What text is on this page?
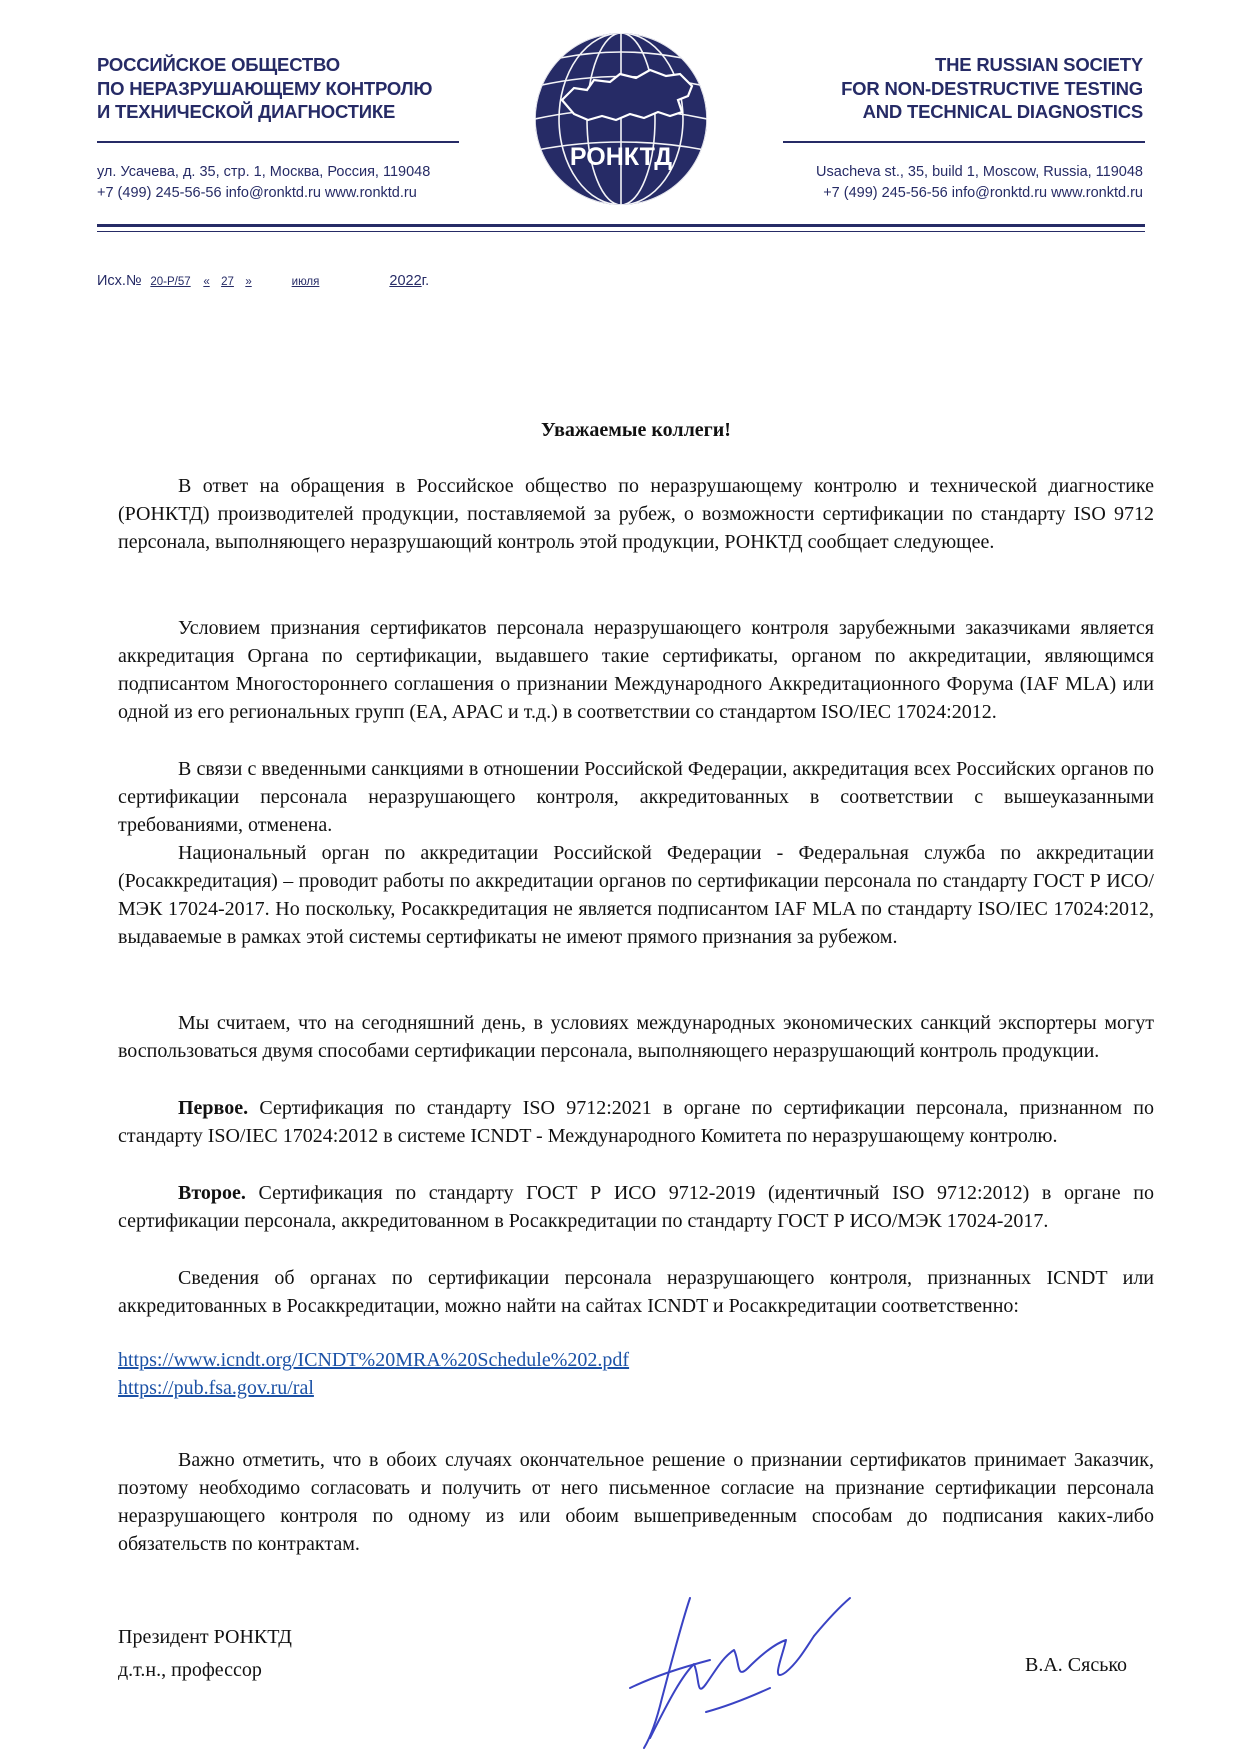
РОССИЙСКОЕ ОБЩЕСТВО
ПО НЕРАЗРУШАЮЩЕМУ КОНТРОЛЮ
И ТЕХНИЧЕСКОЙ ДИАГНОСТИКЕ
THE RUSSIAN SOCIETY
FOR NON-DESTRUCTIVE TESTING
AND TECHNICAL DIAGNOSTICS
ул. Усачева, д. 35, стр. 1, Москва, Россия, 119048
+7 (499) 245-56-56 info@ronktd.ru www.ronktd.ru
Usacheva st., 35, build 1, Moscow, Russia, 119048
+7 (499) 245-56-56 info@ronktd.ru www.ronktd.ru
РОНКТД
Исх.№ 20-Р/57 « 27 »	июля	2022г.
Уважаемые коллеги!
В ответ на обращения в Российское общество по неразрушающему контролю и технической диагностике (РОНКТД) производителей продукции, поставляемой за рубеж, о возможности сертификации по стандарту ISO 9712 персонала, выполняющего неразрушающий контроль этой продукции, РОНКТД сообщает следующее.
Условием признания сертификатов персонала неразрушающего контроля зарубежными заказчиками является аккредитация Органа по сертификации, выдавшего такие сертификаты, органом по аккредитации, являющимся подписантом Многостороннего соглашения о признании Международного Аккредитационного Форума (IAF MLA) или одной из его региональных групп (EA, APAC и т.д.) в соответствии со стандартом ISO/IEC 17024:2012.
В связи с введенными санкциями в отношении Российской Федерации, аккредитация всех Российских органов по сертификации персонала неразрушающего контроля, аккредитованных в соответствии с вышеуказанными требованиями, отменена.
Национальный орган по аккредитации Российской Федерации - Федеральная служба по аккредитации (Росаккредитация) – проводит работы по аккредитации органов по сертификации персонала по стандарту ГОСТ Р ИСО/МЭК 17024-2017. Но поскольку, Росаккредитация не является подписантом IAF MLA по стандарту ISO/IEC 17024:2012, выдаваемые в рамках этой системы сертификаты не имеют прямого признания за рубежом.
Мы считаем, что на сегодняшний день, в условиях международных экономических санкций экспортеры могут воспользоваться двумя способами сертификации персонала, выполняющего неразрушающий контроль продукции.
Первое. Сертификация по стандарту ISO 9712:2021 в органе по сертификации персонала, признанном по стандарту ISO/IEC 17024:2012 в системе ICNDT - Международного Комитета по неразрушающему контролю.
Второе. Сертификация по стандарту ГОСТ Р ИСО 9712-2019 (идентичный ISO 9712:2012) в органе по сертификации персонала, аккредитованном в Росаккредитации по стандарту ГОСТ Р ИСО/МЭК 17024-2017.
Сведения об органах по сертификации персонала неразрушающего контроля, признанных ICNDT или аккредитованных в Росаккредитации, можно найти на сайтах ICNDT и Росаккредитации соответственно:
https://www.icndt.org/ICNDT%20MRA%20Schedule%202.pdf
https://pub.fsa.gov.ru/ral
Важно отметить, что в обоих случаях окончательное решение о признании сертификатов принимает Заказчик, поэтому необходимо согласовать и получить от него письменное согласие на признание сертификации персонала неразрушающего контроля по одному из или обоим вышеприведенным способам до подписания каких-либо обязательств по контрактам.
Президент РОНКТД
д.т.н., профессор	В.А. Сясько
